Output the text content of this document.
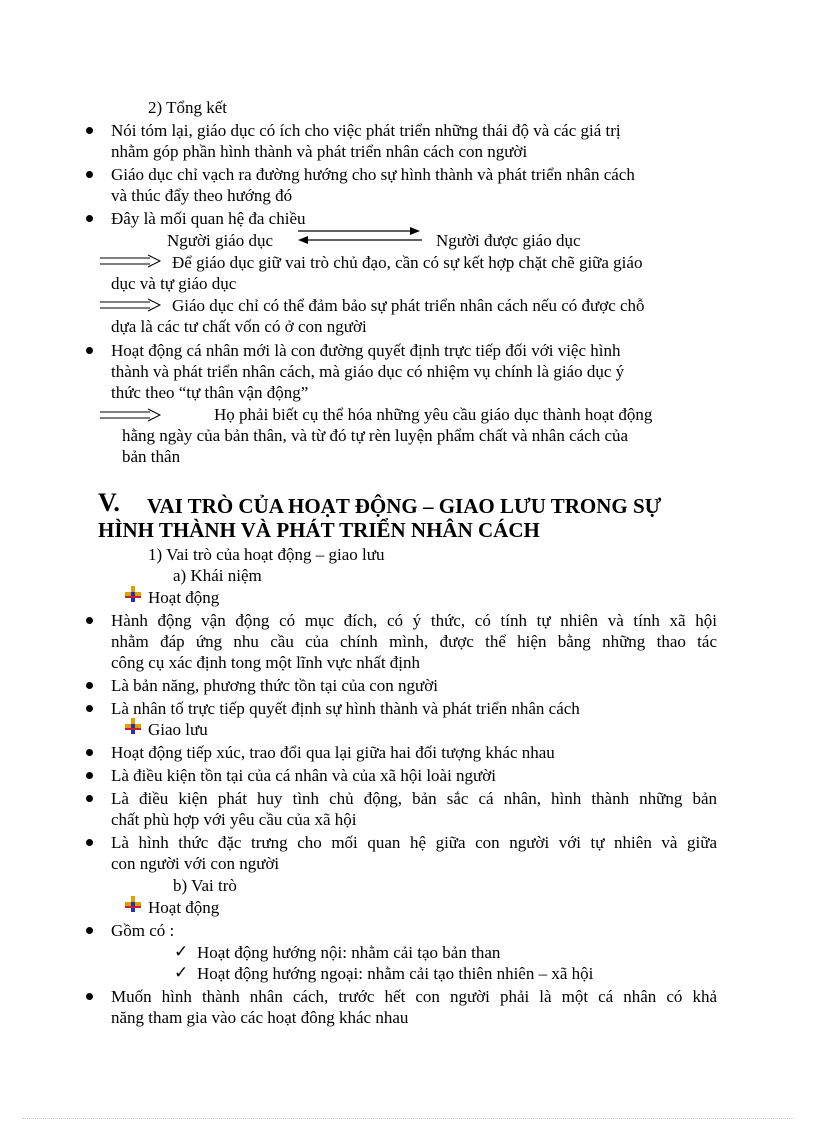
2) Tổng kết
Nói tóm lại, giáo dục có ích cho việc phát triển những thái độ và các giá trị
nhằm góp phần hình thành và phát triển nhân cách con người
Giáo dục chỉ vạch ra đường hướng cho sự hình thành và phát triển nhân cách
và thúc đẩy theo hướng đó
Đây là mối quan hệ đa chiều
Người giáo dục	Người được giáo dục
Để giáo dục giữ vai trò chủ đạo, cần có sự kết hợp chặt chẽ giữa giáo
dục và tự giáo dục
Giáo dục chỉ có thể đảm bảo sự phát triển nhân cách nếu có được chỗ
dựa là các tư chất vốn có ở con người
Hoạt động cá nhân mới là con đường quyết định trực tiếp đối với việc hình
thành và phát triển nhân cách, mà giáo dục có nhiệm vụ chính là giáo dục ý
thức theo “tự thân vận động”
Họ phải biết cụ thể hóa những yêu cầu giáo dục thành hoạt động
hằng ngày của bản thân, và từ đó tự rèn luyện phẩm chất và nhân cách của
bản thân
V. VAI TRÒ CỦA HOẠT ĐỘNG – GIAO LƯU TRONG SỰ
HÌNH THÀNH VÀ PHÁT TRIỂN NHÂN CÁCH
1) Vai trò của hoạt động – giao lưu
a) Khái niệm
Hoạt động
Hành động vận động có mục đích, có ý thức, có tính tự nhiên và tính xã hội
nhằm đáp ứng nhu cầu của chính mình, được thể hiện bằng những thao tác
công cụ xác định tong một lĩnh vực nhất định
Là bản năng, phương thức tồn tại của con người
Là nhân tố trực tiếp quyết định sự hình thành và phát triển nhân cách
Giao lưu
Hoạt động tiếp xúc, trao đổi qua lại giữa hai đối tượng khác nhau
Là điều kiện tồn tại của cá nhân và của xã hội loài người
Là điều kiện phát huy tình chủ động, bản sắc cá nhân, hình thành những bản
chất phù hợp với yêu cầu của xã hội
Là hình thức đặc trưng cho mối quan hệ giữa con người với tự nhiên và giữa
con người với con người
b) Vai trò
Hoạt động
Gồm có :
✓ Hoạt động hướng nội: nhằm cải tạo bản than
✓ Hoạt động hướng ngoại: nhằm cải tạo thiên nhiên – xã hội
Muốn hình thành nhân cách, trước hết con người phải là một cá nhân có khả
năng tham gia vào các hoạt đông khác nhau
